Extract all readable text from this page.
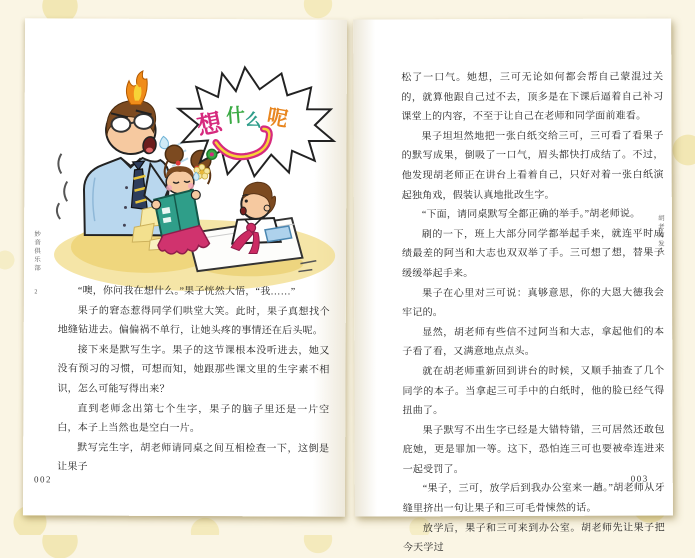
妙音俱乐部 2
想 什
么 呢

“噢，你问我在想什么。”果子恍然大悟，“我……”

果子的窘态惹得同学们哄堂大笑。此时，果子真想找个地缝钻进去。偏偏祸不单行，让她头疼的事情还在后头呢。

接下来是默写生字。果子的这节课根本没听进去，她又没有预习的习惯，可想而知，她跟那些课文里的生字素不相识，怎么可能写得出来？

直到老师念出第七个生字，果子的脑子里还是一片空白，本子上当然也是空白一片。

默写完生字，胡老师请同桌之间互相检查一下，这倒是让果子

002

松了一口气。她想，三可无论如何都会帮自己蒙混过关的，就算他跟自己过不去，顶多是在下课后逼着自己补习课堂上的内容，不至于让自己在老师和同学面前难看。

果子坦坦然地把一张白纸交给三可，三可看了看果子的默写成果，倒吸了一口气，眉头都快打成结了。不过，他发现胡老师正在讲台上看着自己，只好对着一张白纸演起独角戏，假装认真地批改生字。

“下面，请同桌默写全都正确的举手。”胡老师说。

刷的一下，班上大部分同学都举起手来，就连平时成绩最差的阿当和大志也双双举了手。三可想了想，替果子缓缓举起手来。

果子在心里对三可说：真够意思，你的大恩大德我会牢记的。

显然，胡老师有些信不过阿当和大志，拿起他们的本子看了看，又满意地点点头。

就在胡老师重新回到讲台的时候，又顺手抽查了几个同学的本子。当拿起三可手中的白纸时，他的脸已经气得扭曲了。

果子默写不出生字已经是大错特错，三可居然还敢包庇她，更是罪加一等。这下，恐怕连三可也要被牵连进来一起受罚了。

“果子，三可，放学后到我办公室来一趟。”胡老师从牙缝里挤出一句让果子和三可毛骨悚然的话。

放学后，果子和三可来到办公室。胡老师先让果子把今天学过

胡老师发火
003
